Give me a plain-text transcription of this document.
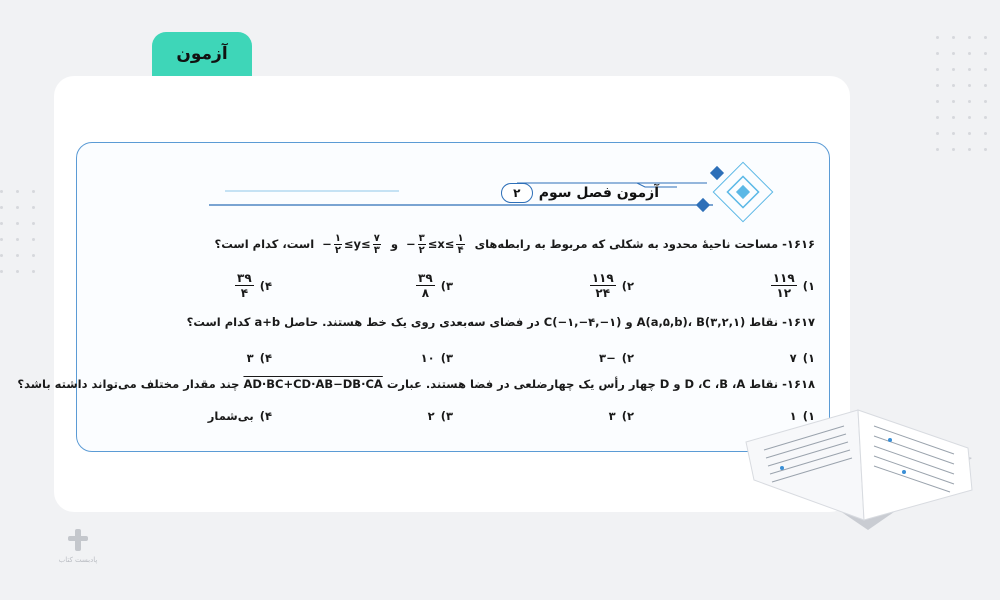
آزمون
آزمون فصل سوم
۲
۱۶۱۶- مساحت ناحیهٔ محدود به شکلی که مربوط به رابطه‌های − $\frac{۳}{۲} \le x\le \frac{۱}{۴}$
و − $\frac{۱}{۲} \le y\le \frac{۷}{۳}$
است، کدام است؟
۱)
۱۱۹
۱۲
۲)
۱۱۹
۲۴
۳)
۳۹
۸
۴)
۳۹
۴
۱۶۱۷- نقاط A(a,۵,b)، B(۳,۲,۱) و C(−۱,−۴,−۱) در فضای سه‌بعدی روی یک خط هستند. حاصل a+b کدام است؟
۱)
۷
۲)
−۳
۳)
۱۰
۴)
۳
۱۶۱۸- نقاط D ،C ،B ،A و D چهار رأس یک چهارضلعی در فضا هستند. عبارت AD·BC+CD·AB−DB·CA چند مقدار مختلف می‌تواند داشته باشد؟
۱)
۱
۲)
۳
۳)
۲
۴)
بی‌شمار
پادبست کتاب
